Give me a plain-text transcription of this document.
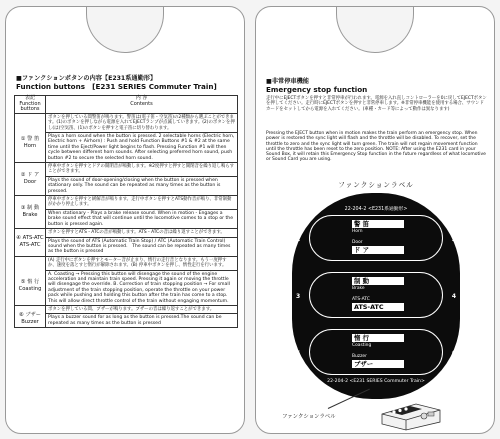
■ファンクションボタンの内容【E231系通勤形】
Function buttons　[E231 SERIES Commuter Train]
表記
Function buttons	内 容
Contents

① 警 笛
Horn	ボタンを押している間警笛が鳴ります。警笛は(電子笛・空気笛)の2種類から選ぶことができます。(1)のボタンを押しながら電源を入れてEJECTランプが点滅していきます。(2)のボタンを押し(は)空気笛、(1)のボタンを押すと電子笛に切り替わります。
	Plays a horn sound when the button is pressed. 2 selectable horns (Electric horn, Electric horn + Airhorn) : Push and hold Function Buttons #1 & #2 at the same time until the Eject/Power light begins to flash. Pressing Function #1 will then cycle between different horn sounds. After selecting preferred horn sound, push button #2 to secure the selected horn sound.

② ド ア
Door	停車中ボタンを押すとドアの開閉音が鳴動します。※2度押すと押すと開閉音を繰り返し鳴らすことができます。
	Plays the sound of door-opening/closing when the button is pressed when stationary only. The sound can be repeated as many times as the button is pressed.

③ 制 動
Brake	停車中ボタンを押すと緩解音が鳴ります。走行中ボタンを押すとATS動作音が鳴り、非常制動がかかり停止します。
	When stationary - Plays a brake release sound. When in motion - Engages a brake sound effect that will continue until the locomotive comes to a stop or the button is pressed again.

④ ATS-ATC
ATS-ATC	ボタンを押すとATS・ATCの音が鳴動します。ATS・ATCの音は繰り返すことができます。
	Plays the sound of ATS (Automatic Train Stop) / ATC (Automatic Train Control) sound when the button is pressed.　The sound can be repeated as many times as the button is pressed

⑤ 惰 行
Coasting	(A) 走行中にボタンを押すとモーター音が止まり、惰行の走行音となります。もう一度押すか、速度を落とすと惰行が解除されます。(B) 停車中ボタンを押し、惰性走行を行います。
	A. Coasting → Pressing this button will disengage the sound of the engine acceleration and maintain train speed. Pressing it again or moving the throttle will disengage the override. B. Correction of train stopping position → For small adjustment of the train stopping position, operate the throttle on your power pack while pushing and holding this button after the train has come to a stop. This will allow direct throttle control of the train without engaging momentum.

⑥ ブザー
Buzzer	ボタンを押している間、ブザーが鳴ります。ブザーの音は繰り返すことができます。
	Plays a buzzer sound for as long as the button is pressed.The sound can be repeated as many times as the button is pressed
■非常停車機能
Emergency stop function
走行中にEJECTボタンを押すと非常停車が行われます。電源を入れ直しコントローラーを0に戻してEJECTボタンを押してください。走行時にEJECTボタンを押すと非常停車します。※非常停車機能を使用する場合、サウンドカードをセットしてから電源を入れてください。(車種・カード等によって動作は異なります)
Pressing the EJECT button when in motion makes the train perform an emergency stop. When power is restored the sync light will flash and the throttle will be disabled. To recover, set the throttle to zero and the sync light will turn green. The train will not regain movement function until the throttle has been reset to the zero position. NOTE: After using the E231 card in your Sound Box, it will retain this Emergency Stop function in the future regardless of what locomotive or Sound Card you are using.
ファンクションラベル
22-204-2 <E231系通勤形>
1	2
警 笛
Horn
Door
ド ア
3	4
制 動
Brake
ATS-ATC
ATS-ATC
5	6
惰 行
Coasting
Buzzer
ブザー
22-204-2 <E231 SERIES Commuter Train>
ファンクションラベル
